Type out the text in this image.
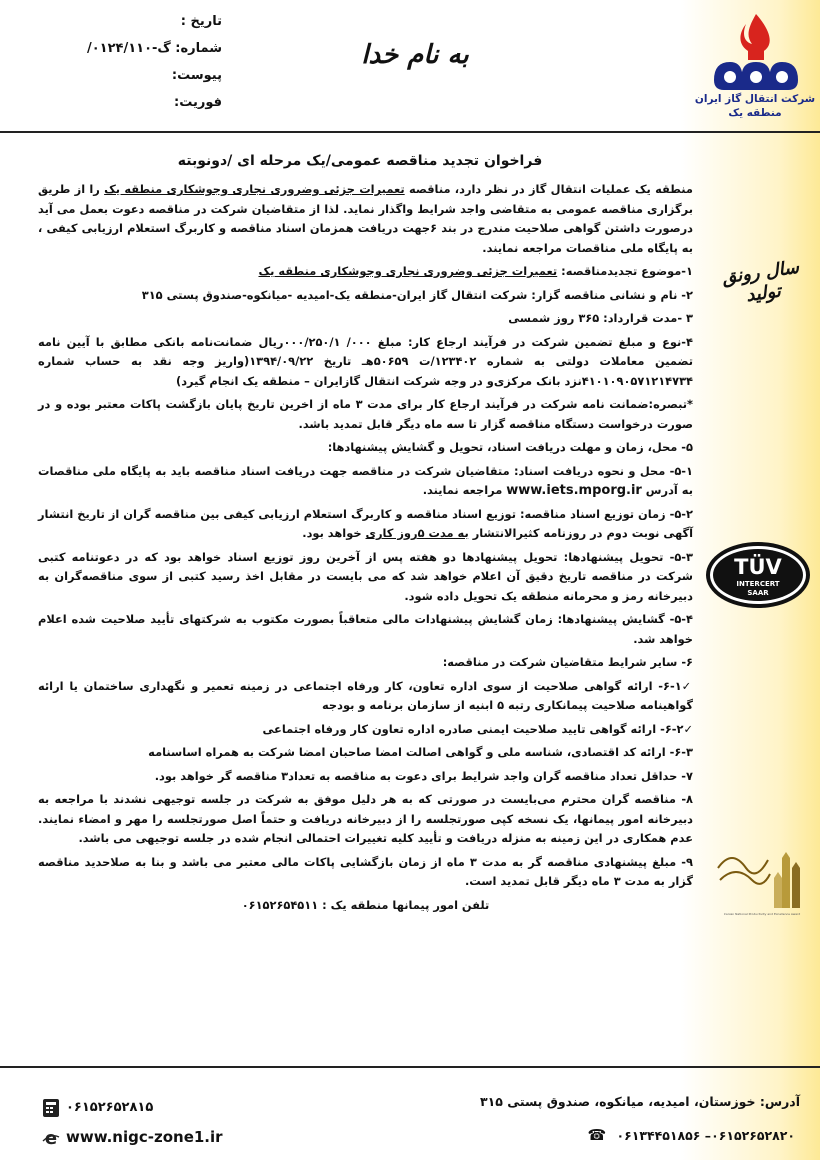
تاریخ :
شماره: گ-۰۱۲۴/۱۱۰/
پیوست:
فوریت:
به نام خدا
شرکت انتقال گاز ایران
منطقه یک
سال رونق تولید
TÜV
INTERCERT
SAAR
Iranian National Productivity and Excellence Award
فراخوان تجدید مناقصه عمومی/یک مرحله ای /دونوبته

منطقه یک عملیات انتقال گاز در نظر دارد، مناقصه تعمیرات جزئی وضروری نجاری وجوشکاری منطقه یک را از طریق برگزاری مناقصه عمومی به متقاضی واجد شرایط واگذار نماید. لذا از متقاضیان شرکت در مناقصه دعوت بعمل می آید درصورت داشتن گواهی صلاحیت مندرج در بند ۶جهت دریافت همزمان اسناد مناقصه و کاربرگ استعلام ارزیابی کیفی ، به پایگاه ملی مناقصات مراجعه نمایند.

۱-موضوع تجدیدمناقصه: تعمیرات جزئی وضروری نجاری وجوشکاری منطقه یک

۲- نام و نشانی مناقصه گزار: شرکت انتقال گاز ایران-منطقه یک-امیدیه -میانکوه-صندوق پستی ۳۱۵

۳ -مدت قرارداد: ۳۶۵ روز شمسی

۴-نوع و مبلغ تضمین شرکت در فرآیند ارجاع کار: مبلغ ۰۰۰/ ۰۰۰/۲۵۰/۱ریال ضمانت‌نامه بانکی مطابق با آیین نامه تضمین معاملات دولتی به شماره ۱۲۳۴۰۲/ت ۵۰۶۵۹هـ تاریخ ۱۳۹۴/۰۹/۲۲(واریز وجه نقد به حساب شماره ۴۱۰۱۰۹۰۵۷۱۲۱۴۷۳۴نزد بانک مرکزی‌و در وجه شرکت انتقال گازایران – منطقه یک انجام گیرد)

*تبصره:ضمانت نامه شرکت در فرآیند ارجاع کار برای مدت ۳ ماه از اخرین تاریخ پایان بازگشت پاکات معتبر بوده و در صورت درخواست دستگاه مناقصه گزار تا سه ماه دیگر قابل تمدید باشد.

۵- محل، زمان و مهلت دریافت اسناد، تحویل و گشایش پیشنهادها:

۵-۱- محل و نحوه دریافت اسناد: متقاضیان شرکت در مناقصه جهت دریافت اسناد مناقصه باید به پایگاه ملی مناقصات به آدرس www.iets.mporg.ir مراجعه نمایند.

۵-۲- زمان توزیع اسناد مناقصه: توزیع اسناد مناقصه و کاربرگ استعلام ارزیابی کیفی بین مناقصه گران از تاریخ انتشار آگهی نوبت دوم در روزنامه کثیرالانتشار به مدت ۵روز کاری خواهد بود.

۵-۳- تحویل پیشنهادها: تحویل پیشنهادها دو هفته پس از آخرین روز توزیع اسناد خواهد بود که در دعوتنامه کتبی شرکت در مناقصه تاریخ دقیق آن اعلام خواهد شد که می بایست در مقابل اخذ رسید کتبی از سوی مناقصه‌گران به دبیرخانه رمز و محرمانه منطقه یک تحویل داده شود.

۵-۴- گشایش پیشنهادها: زمان گشایش پیشنهادات مالی متعاقباً بصورت مکتوب به شرکتهای تأیید صلاحیت شده اعلام خواهد شد.

۶- سایر شرایط متقاضیان شرکت در مناقصه:

✓۶-۱- ارائه گواهی صلاحیت از سوی اداره تعاون، کار ورفاه اجتماعی در زمینه تعمیر و نگهداری ساختمان یا ارائه گواهینامه صلاحیت پیمانکاری رتبه ۵ ابنیه از سازمان برنامه و بودجه

✓۶-۲- ارائه گواهی تایید صلاحیت ایمنی صادره اداره تعاون کار ورفاه اجتماعی

۶-۳- ارائه کد اقتصادی، شناسه ملی و گواهی اصالت امضا صاحبان امضا شرکت به همراه اساسنامه

۷- حداقل تعداد مناقصه گران واجد شرایط برای دعوت به مناقصه به تعداد۳ مناقصه گر خواهد بود.

۸- مناقصه گران محترم می‌بایست در صورتی که به هر دلیل موفق به شرکت در جلسه توجیهی نشدند با مراجعه به دبیرخانه امور پیمانها، یک نسخه کپی صورتجلسه را از دبیرخانه دریافت و حتماً اصل صورتجلسه را مهر و امضاء نمایند. عدم همکاری در این زمینه به منزله دریافت و تأیید کلیه تغییرات احتمالی انجام شده در جلسه توجیهی می باشد.

۹- مبلغ پیشنهادی مناقصه گر به مدت ۳ ماه از زمان بازگشایی پاکات مالی معتبر می باشد و بنا به صلاحدید مناقصه گزار به مدت ۳ ماه دیگر قابل تمدید است.

تلفن امور پیمانها منطقه یک : ۰۶۱۵۲۶۵۴۵۱۱

آدرس: خوزستان، امیدیه، میانکوه، صندوق پستی ۳۱۵
۰۶۱۵۲۶۵۲۸۲۰– ۰۶۱۳۴۴۵۱۸۵۶ ☎
۰۶۱۵۲۶۵۲۸۱۵
e www.nigc-zone1.ir
